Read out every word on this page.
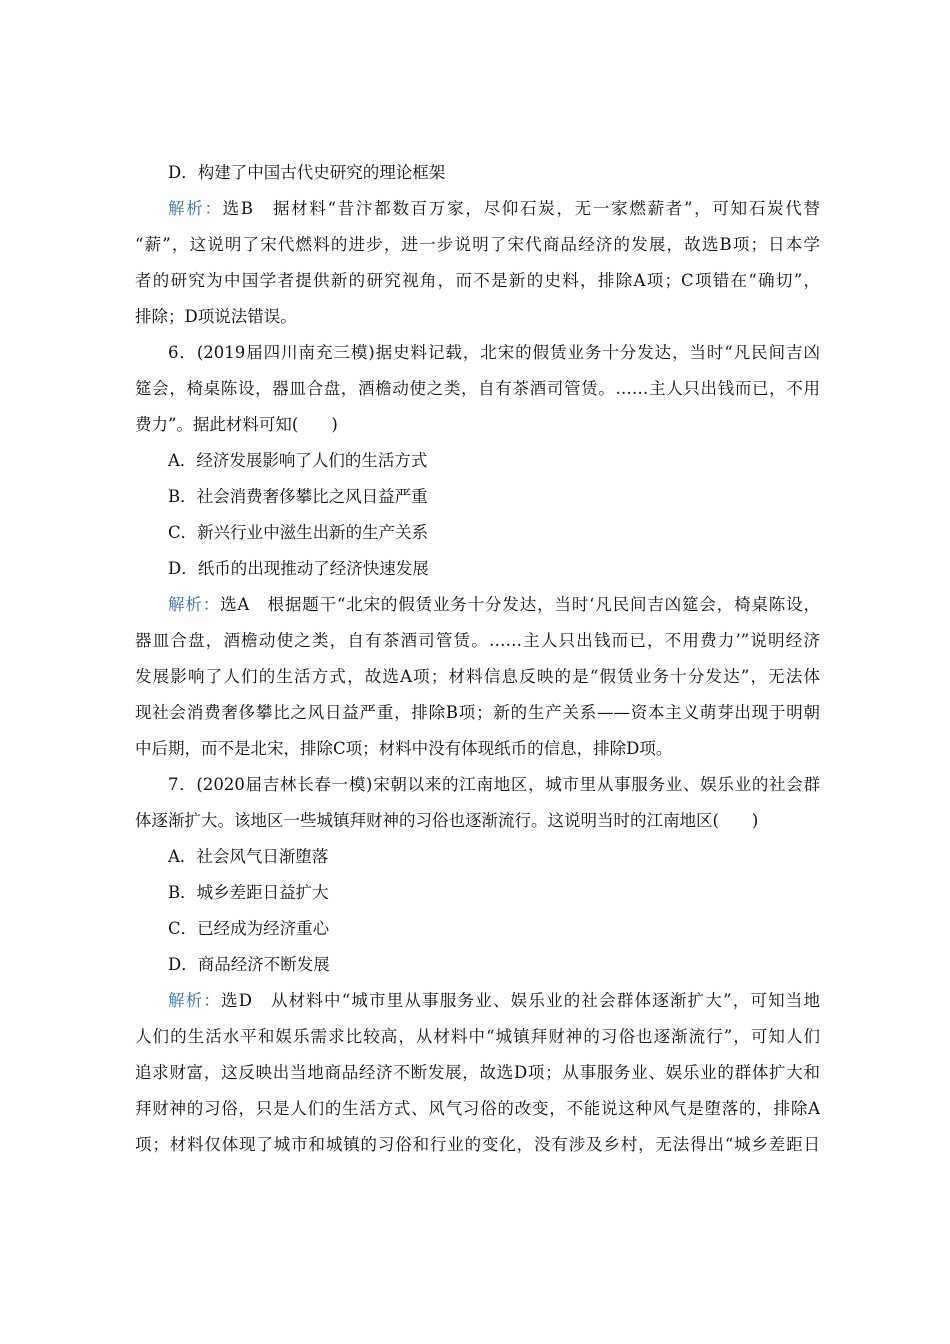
D．构建了中国古代史研究的理论框架
解析：选B　据材料“昔汴都数百万家，尽仰石炭，无一家燃薪者”，可知石炭代替
“薪”，这说明了宋代燃料的进步，进一步说明了宋代商品经济的发展，故选B项；日本学
者的研究为中国学者提供新的研究视角，而不是新的史料，排除A项；C项错在“确切”，
排除；D项说法错误。
6．(2019届四川南充三模)据史料记载，北宋的假赁业务十分发达，当时“凡民间吉凶
筵会，椅桌陈设，器皿合盘，酒檐动使之类，自有茶酒司管赁。……主人只出钱而已，不用
费力”。据此材料可知(　　)
A．经济发展影响了人们的生活方式
B．社会消费奢侈攀比之风日益严重
C．新兴行业中滋生出新的生产关系
D．纸币的出现推动了经济快速发展
解析：选A　根据题干“北宋的假赁业务十分发达，当时‘凡民间吉凶筵会，椅桌陈设，
器皿合盘，酒檐动使之类，自有茶酒司管赁。……主人只出钱而已，不用费力’”说明经济
发展影响了人们的生活方式，故选A项；材料信息反映的是“假赁业务十分发达”，无法体
现社会消费奢侈攀比之风日益严重，排除B项；新的生产关系——资本主义萌芽出现于明朝
中后期，而不是北宋，排除C项；材料中没有体现纸币的信息，排除D项。
7．(2020届吉林长春一模)宋朝以来的江南地区，城市里从事服务业、娱乐业的社会群
体逐渐扩大。该地区一些城镇拜财神的习俗也逐渐流行。这说明当时的江南地区(　　)
A．社会风气日渐堕落
B．城乡差距日益扩大
C．已经成为经济重心
D．商品经济不断发展
解析：选D　从材料中“城市里从事服务业、娱乐业的社会群体逐渐扩大”，可知当地
人们的生活水平和娱乐需求比较高，从材料中“城镇拜财神的习俗也逐渐流行”，可知人们
追求财富，这反映出当地商品经济不断发展，故选D项；从事服务业、娱乐业的群体扩大和
拜财神的习俗，只是人们的生活方式、风气习俗的改变，不能说这种风气是堕落的，排除A
项；材料仅体现了城市和城镇的习俗和行业的变化，没有涉及乡村，无法得出“城乡差距日
